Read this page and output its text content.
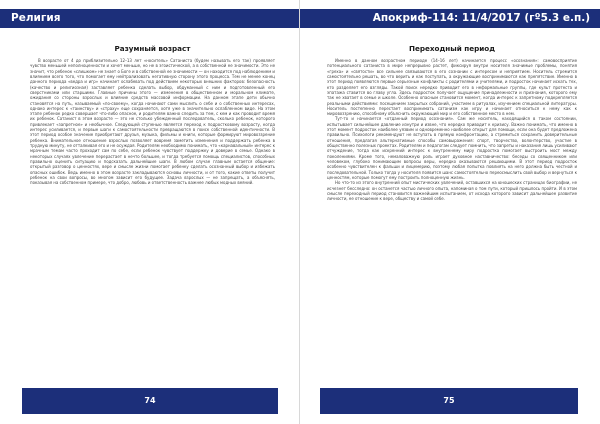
Религия
Разумный возраст

В возрасте от 4 до приблизительно 12–13 лет «носитель» Сатаниста (будем называть его так) проявляет чувство меньшей неполноценности и хочет меньше, но не в эгоистической, а в собственной ее значимости. Это не значит, что ребенок «слишком» не знает о Боге и в собственной ее значимости — он находится под наблюдением и влиянием всего того, что помогает ему нейтрализовать негативную сторону этого процесса. Тем не менее конец данного периода «ведра и игр» начинает ослабевать под действием некоторых внешних факторов: безопасность (качество и религиозная) заставляет ребенка сделать выбор, обдуманный с ним и подготовленный его сверстниками или старшими. Главные причины этого — изменения в общественном и моральном климате, ожидания со стороны взрослых и влияние средств массовой информации. На данном этапе дети обычно становятся на путь, называемый «по-своему», когда начинают сами мыслить о себе и о собственных интересах, однако интерес к «таинству» и «страху» еще сохраняется, хотя уже в значительно ослабленном виде. На этом этапе ребенок редко совершает что-либо опасное, и родителям важно следить за тем, с кем и как проводит время их ребенок. Сатанист в этом возрасте — это не столько убежденный последователь, сколько ребенок, которого привлекает «запретное» и необычное. Следующей ступенью является переход к подростковому возрасту, когда интерес усиливается, и первые шаги к самостоятельности превращаются в поиск собственной идентичности. В этот период особое значение приобретают друзья, музыка, фильмы и книги, которые формируют мировоззрение ребенка. Внимательное отношение взрослых позволяет вовремя заметить изменения и поддержать ребенка в трудную минуту, не отталкивая его и не осуждая. Родителям необходимо понимать, что «карнавальный» интерес к мрачным темам часто проходит сам по себе, если ребенок чувствует поддержку и доверие в семье. Однако в некоторых случаях увлечение перерастает в нечто большее, и тогда требуется помощь специалистов, способных правильно оценить ситуацию и подсказать дальнейшие шаги. В любом случае главным остается общение: открытый разговор о ценностях, вере и смысле жизни помогает ребенку сделать осознанный выбор и избежать опасных ошибок. Ведь именно в этом возрасте закладываются основы личности, и от того, какие ответы получит ребенок на свои вопросы, во многом зависит его будущее. Задача взрослых — не запрещать, а объяснять, показывая на собственном примере, что добро, любовь и ответственность важнее любых модных веяний.

74
Апокриф-114: 11/4/2017 (гº5.3 е.п.)
Переходный период

Именно в данном возрастном периоде (14–16 лет) начинается процесс «осознания»: самовосприятие потенциального сатаниста в мире непрерывно растет, фиксируя внутри носителя значимые проблемы, понятия «греха» и «святости» все сильнее связываются в его сознании с интересом и неприятием. Носитель стремится самостоятельно решать, во что верить и как поступать, а окружающие воспринимаются как препятствие. Именно в этот период появляются первые серьезные конфликты с родителями и учителями, и подросток начинает искать тех, кто разделяет его взгляды. Такой поиск нередко приводит его в неформальные группы, где культ протеста и эпатажа ставится во главу угла. Здесь подросток получает ощущение принадлежности и признания, которого ему так не хватает в семье и школе. Особенно опасным становится момент, когда интерес к запретному подкрепляется реальными действиями: посещением закрытых собраний, участием в ритуалах, изучением специальной литературы. Носитель постепенно перестает воспринимать сатанизм как игру и начинает относиться к нему как к мировоззрению, способному объяснить окружающий мир и его собственное место в нем.

Тут-то и начинается «отданный период осознания». Сам же носитель, находящийся в таком состоянии, испытывает сильнейшее давление изнутри и извне, что нередко приводит к кризису. Важно понимать, что именно в этот момент подросток наиболее уязвим и одновременно наиболее открыт для помощи, если она будет предложена правильно. Психологи рекомендуют не вступать в прямую конфронтацию, а стремиться сохранить доверительные отношения, предлагая альтернативные способы самовыражения: спорт, творчество, волонтерство, участие в общественно полезных проектах. Родителям и педагогам следует помнить, что запреты и наказания лишь усиливают отчуждение, тогда как искренний интерес к внутреннему миру подростка помогает выстроить мост между поколениями. Кроме того, немаловажную роль играет духовное наставничество: беседы со священником или человеком, глубоко понимающим вопросы веры, нередко оказываются решающими. В этот период подросток особенно чувствителен к фальши и лицемерию, поэтому любая попытка повлиять на него должна быть честной и последовательной. Только тогда у носителя появится шанс самостоятельно переосмыслить свой выбор и вернуться к ценностям, которые помогут ему построить полноценную жизнь.

Но что-то из этого внутренний опыт мистических увлечений, оставшихся на юношеских страницах биографии, не исчезнет бесследно: он останется частью личного опыта, напоминая о том пути, который пришлось пройти. И в этом смысле переходный период становится важнейшим испытанием, от исхода которого зависит дальнейшее развитие личности, ее отношение к вере, обществу и самой себе.

75
